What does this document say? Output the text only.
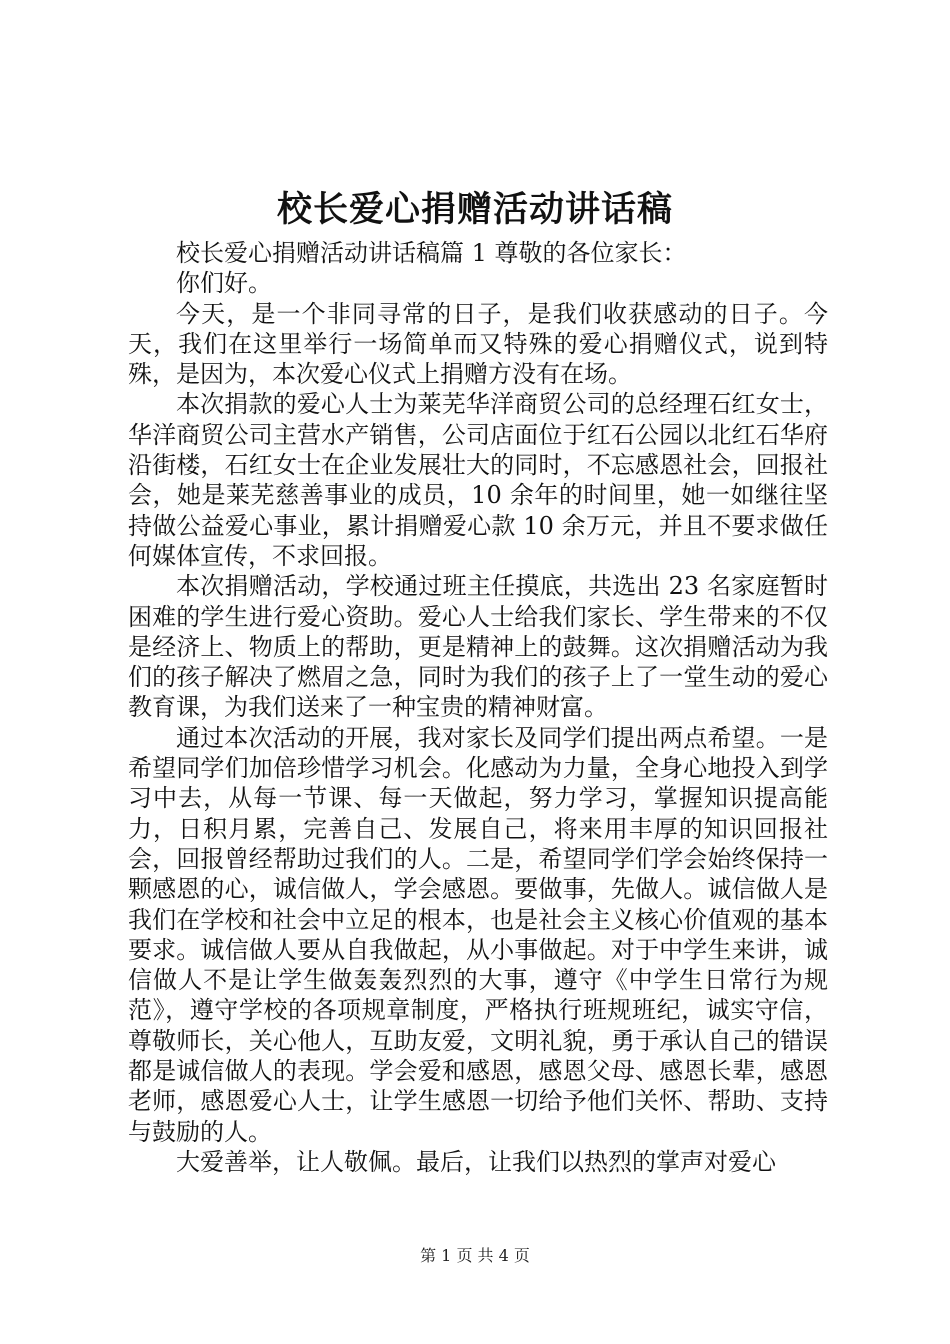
校长爱心捐赠活动讲话稿

校长爱心捐赠活动讲话稿篇 1 尊敬的各位家长：

你们好。

今天，是一个非同寻常的日子，是我们收获感动的日子。今天，我们在这里举行一场简单而又特殊的爱心捐赠仪式，说到特殊，是因为，本次爱心仪式上捐赠方没有在场。

本次捐款的爱心人士为莱芜华洋商贸公司的总经理石红女士，华洋商贸公司主营水产销售，公司店面位于红石公园以北红石华府沿街楼，石红女士在企业发展壮大的同时，不忘感恩社会，回报社会，她是莱芜慈善事业的成员，10 余年的时间里，她一如继往坚持做公益爱心事业，累计捐赠爱心款 10 余万元，并且不要求做任何媒体宣传，不求回报。

本次捐赠活动，学校通过班主任摸底，共选出 23 名家庭暂时困难的学生进行爱心资助。爱心人士给我们家长、学生带来的不仅是经济上、物质上的帮助，更是精神上的鼓舞。这次捐赠活动为我们的孩子解决了燃眉之急，同时为我们的孩子上了一堂生动的爱心教育课，为我们送来了一种宝贵的精神财富。

通过本次活动的开展，我对家长及同学们提出两点希望。一是希望同学们加倍珍惜学习机会。化感动为力量，全身心地投入到学习中去，从每一节课、每一天做起，努力学习，掌握知识提高能力，日积月累，完善自己、发展自己，将来用丰厚的知识回报社会，回报曾经帮助过我们的人。二是，希望同学们学会始终保持一颗感恩的心，诚信做人，学会感恩。要做事，先做人。诚信做人是我们在学校和社会中立足的根本，也是社会主义核心价值观的基本要求。诚信做人要从自我做起，从小事做起。对于中学生来讲，诚信做人不是让学生做轰轰烈烈的大事，遵守《中学生日常行为规范》，遵守学校的各项规章制度，严格执行班规班纪，诚实守信，尊敬师长，关心他人，互助友爱，文明礼貌，勇于承认自己的错误都是诚信做人的表现。学会爱和感恩，感恩父母、感恩长辈，感恩老师，感恩爱心人士，让学生感恩一切给予他们关怀、帮助、支持与鼓励的人。

大爱善举，让人敬佩。最后，让我们以热烈的掌声对爱心

第 1 页 共 4 页
